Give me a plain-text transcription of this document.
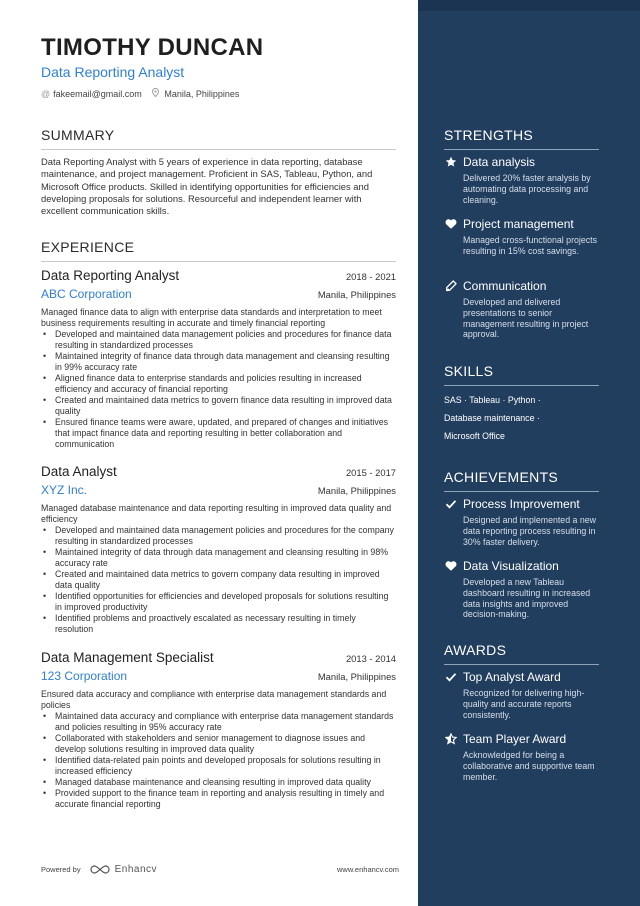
TIMOTHY DUNCAN
Data Reporting Analyst
@ fakeemail@gmail.com	Manila, Philippines
SUMMARY
Data Reporting Analyst with 5 years of experience in data reporting, database maintenance, and project management. Proficient in SAS, Tableau, Python, and Microsoft Office products. Skilled in identifying opportunities for efficiencies and developing proposals for solutions. Resourceful and independent learner with excellent communication skills.
EXPERIENCE
Data Reporting Analyst	2018 - 2021
ABC Corporation	Manila, Philippines
Managed finance data to align with enterprise data standards and interpretation to meet business requirements resulting in accurate and timely financial reporting
• Developed and maintained data management policies and procedures for finance data resulting in standardized processes
• Maintained integrity of finance data through data management and cleansing resulting in 99% accuracy rate
• Aligned finance data to enterprise standards and policies resulting in increased efficiency and accuracy of financial reporting
• Created and maintained data metrics to govern finance data resulting in improved data quality
• Ensured finance teams were aware, updated, and prepared of changes and initiatives that impact finance data and reporting resulting in better collaboration and communication
Data Analyst	2015 - 2017
XYZ Inc.	Manila, Philippines
Managed database maintenance and data reporting resulting in improved data quality and efficiency
• Developed and maintained data management policies and procedures for the company resulting in standardized processes
• Maintained integrity of data through data management and cleansing resulting in 98% accuracy rate
• Created and maintained data metrics to govern company data resulting in improved data quality
• Identified opportunities for efficiencies and developed proposals for solutions resulting in improved productivity
• Identified problems and proactively escalated as necessary resulting in timely resolution
Data Management Specialist	2013 - 2014
123 Corporation	Manila, Philippines
Ensured data accuracy and compliance with enterprise data management standards and policies
• Maintained data accuracy and compliance with enterprise data management standards and policies resulting in 95% accuracy rate
• Collaborated with stakeholders and senior management to diagnose issues and develop solutions resulting in improved data quality
• Identified data-related pain points and developed proposals for solutions resulting in increased efficiency
• Managed database maintenance and cleansing resulting in improved data quality
• Provided support to the finance team in reporting and analysis resulting in timely and accurate financial reporting
Powered by	Enhancv	www.enhancv.com
STRENGTHS
Data analysis
Delivered 20% faster analysis by automating data processing and cleaning.
Project management
Managed cross-functional projects resulting in 15% cost savings.
Communication
Developed and delivered presentations to senior management resulting in project approval.
SKILLS
SAS · Tableau · Python ·
Database maintenance ·
Microsoft Office
ACHIEVEMENTS
Process Improvement
Designed and implemented a new data reporting process resulting in 30% faster delivery.
Data Visualization
Developed a new Tableau dashboard resulting in increased data insights and improved decision-making.
AWARDS
Top Analyst Award
Recognized for delivering high-quality and accurate reports consistently.
Team Player Award
Acknowledged for being a collaborative and supportive team member.
